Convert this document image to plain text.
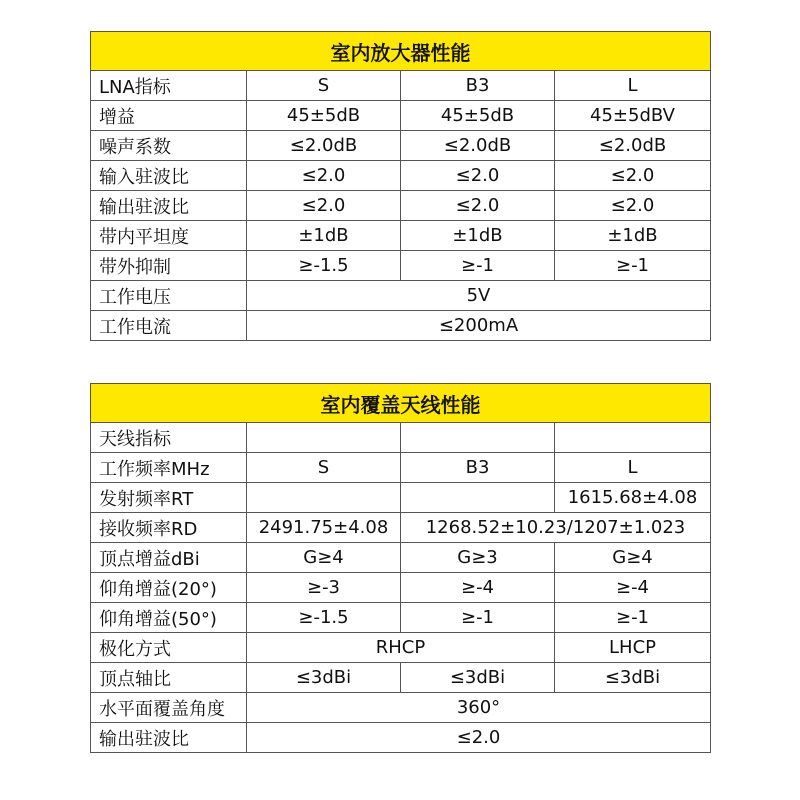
室内放大器性能			
LNA指标	S	B3	L
增益	45±5dB	45±5dB	45±5dBV
噪声系数	≤2.0dB	≤2.0dB	≤2.0dB
输入驻波比	≤2.0	≤2.0	≤2.0
输出驻波比	≤2.0	≤2.0	≤2.0
带内平坦度	±1dB	±1dB	±1dB
带外抑制	≥-1.5	≥-1	≥-1
工作电压	5V		
工作电流	≤200mA		
室内覆盖天线性能			
天线指标			
工作频率MHz	S	B3	L
发射频率RT			1615.68±4.08
接收频率RD	2491.75±4.08	1268.52±10.23/1207±1.023	
顶点增益dBi	G≥4	G≥3	G≥4
仰角增益(20°)	≥-3	≥-4	≥-4
仰角增益(50°)	≥-1.5	≥-1	≥-1
极化方式	RHCP		LHCP
顶点轴比	≤3dBi	≤3dBi	≤3dBi
水平面覆盖角度	360°		
输出驻波比	≤2.0		
